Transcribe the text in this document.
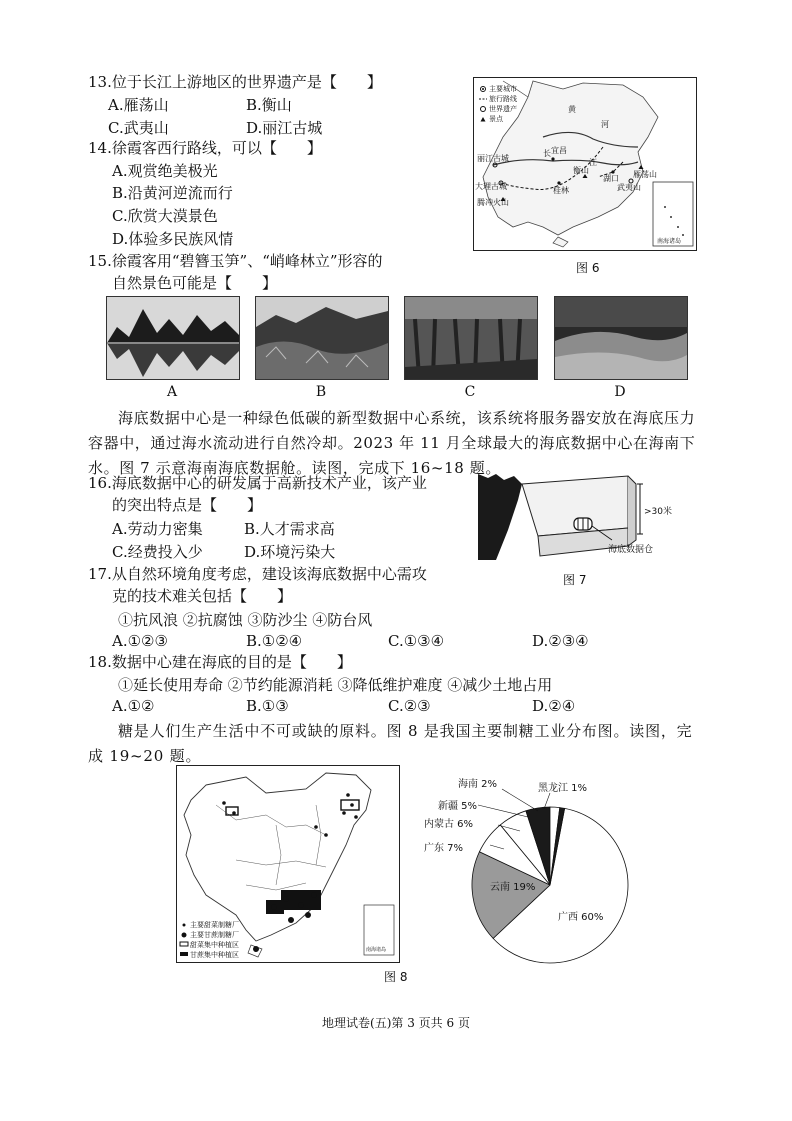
13.位于长江上游地区的世界遗产是【　　】
A.雁荡山	B.衡山
C.武夷山	D.丽江古城
14.徐霞客西行路线，可以【　　】
A.观赏绝美极光
B.沿黄河逆流而行
C.欣赏大漠景色
D.体验多民族风情
15.徐霞客用“碧簪玉笋”、“峭峰林立”形容的
自然景色可能是【　　】
主要城市
旅行路线
世界遗产
景点
黄
河
长
江
宜昌
丽江古城
衡山
湖口 雁荡山
武夷山
大理古城	桂林
腾冲火山
南海诸岛
图 6
A	B	C	D
海底数据中心是一种绿色低碳的新型数据中心系统，该系统将服务器安放在海底压力容器中，通过海水流动进行自然冷却。2023 年 11 月全球最大的海底数据中心在海南下水。图 7 示意海南海底数据舱。读图，完成下 16~18 题。
16.海底数据中心的研发属于高新技术产业，该产业
的突出特点是【　　】
A.劳动力密集	B.人才需求高
C.经费投入少	D.环境污染大
>30米
海底数据仓
图 7
17.从自然环境角度考虑，建设该海底数据中心需攻
克的技术难关包括【　　】
①抗风浪 ②抗腐蚀 ③防沙尘 ④防台风
A.①②③	B.①②④	C.①③④	D.②③④
18.数据中心建在海底的目的是【　　】
①延长使用寿命 ②节约能源消耗 ③降低维护难度 ④减少土地占用
A.①②	B.①③	C.②③	D.②④
糖是人们生产生活中不可或缺的原料。图 8 是我国主要制糖工业分布图。读图，完成 19~20 题。
南海诸岛
主要甜菜制糖厂
主要甘蔗制糖厂
甜菜集中种植区
甘蔗集中种植区
图 8
广西 60%
云南 19%
广东 7%
内蒙古 6%
新疆 5%
海南 2%	黑龙江 1%
地理试卷(五)第 3 页共 6 页
